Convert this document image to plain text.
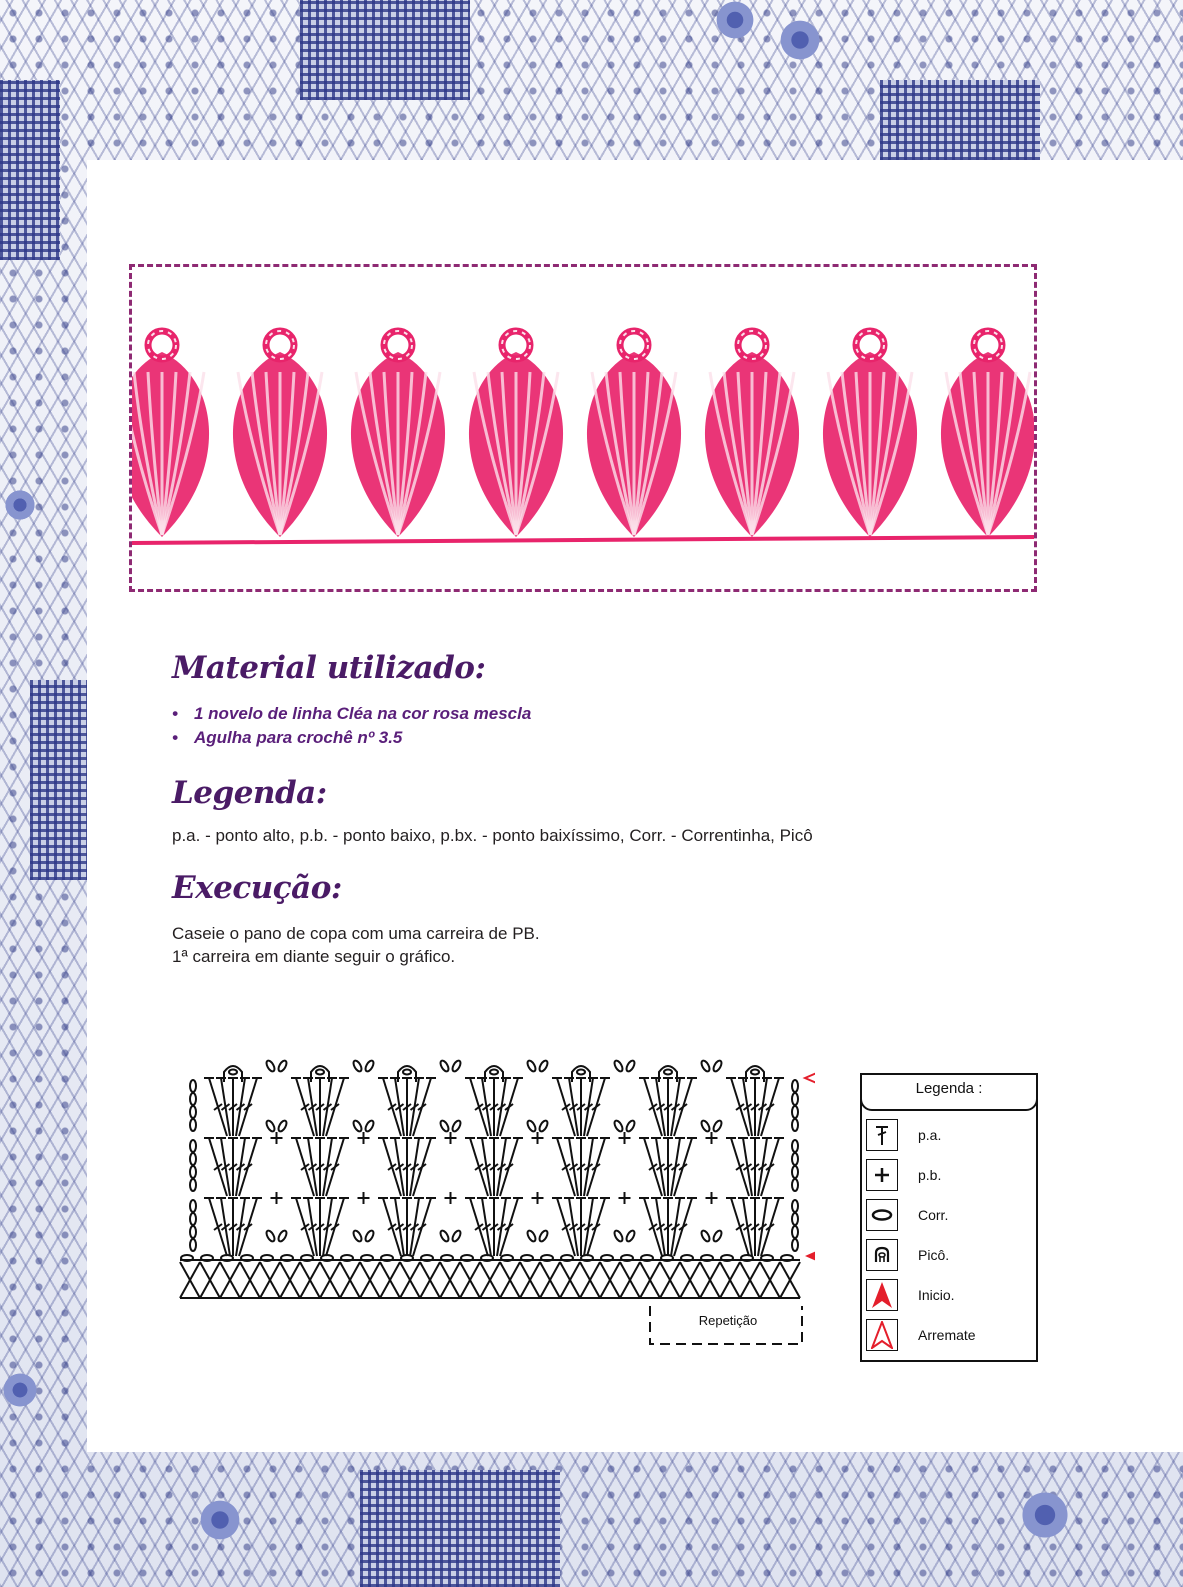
Material utilizado:
• 1 novelo de linha Cléa na cor rosa mescla
• Agulha para crochê nº 3.5
Legenda:

p.a. - ponto alto, p.b. - ponto baixo, p.bx. - ponto baixíssimo, Corr. - Correntinha, Picô

Execução:

Caseie o pano de copa com uma carreira de PB.

1ª carreira em diante seguir o gráfico.

Repetição
Legenda :
p.a.
p.b.
Corr.
Picô.
Inicio.
Arremate
